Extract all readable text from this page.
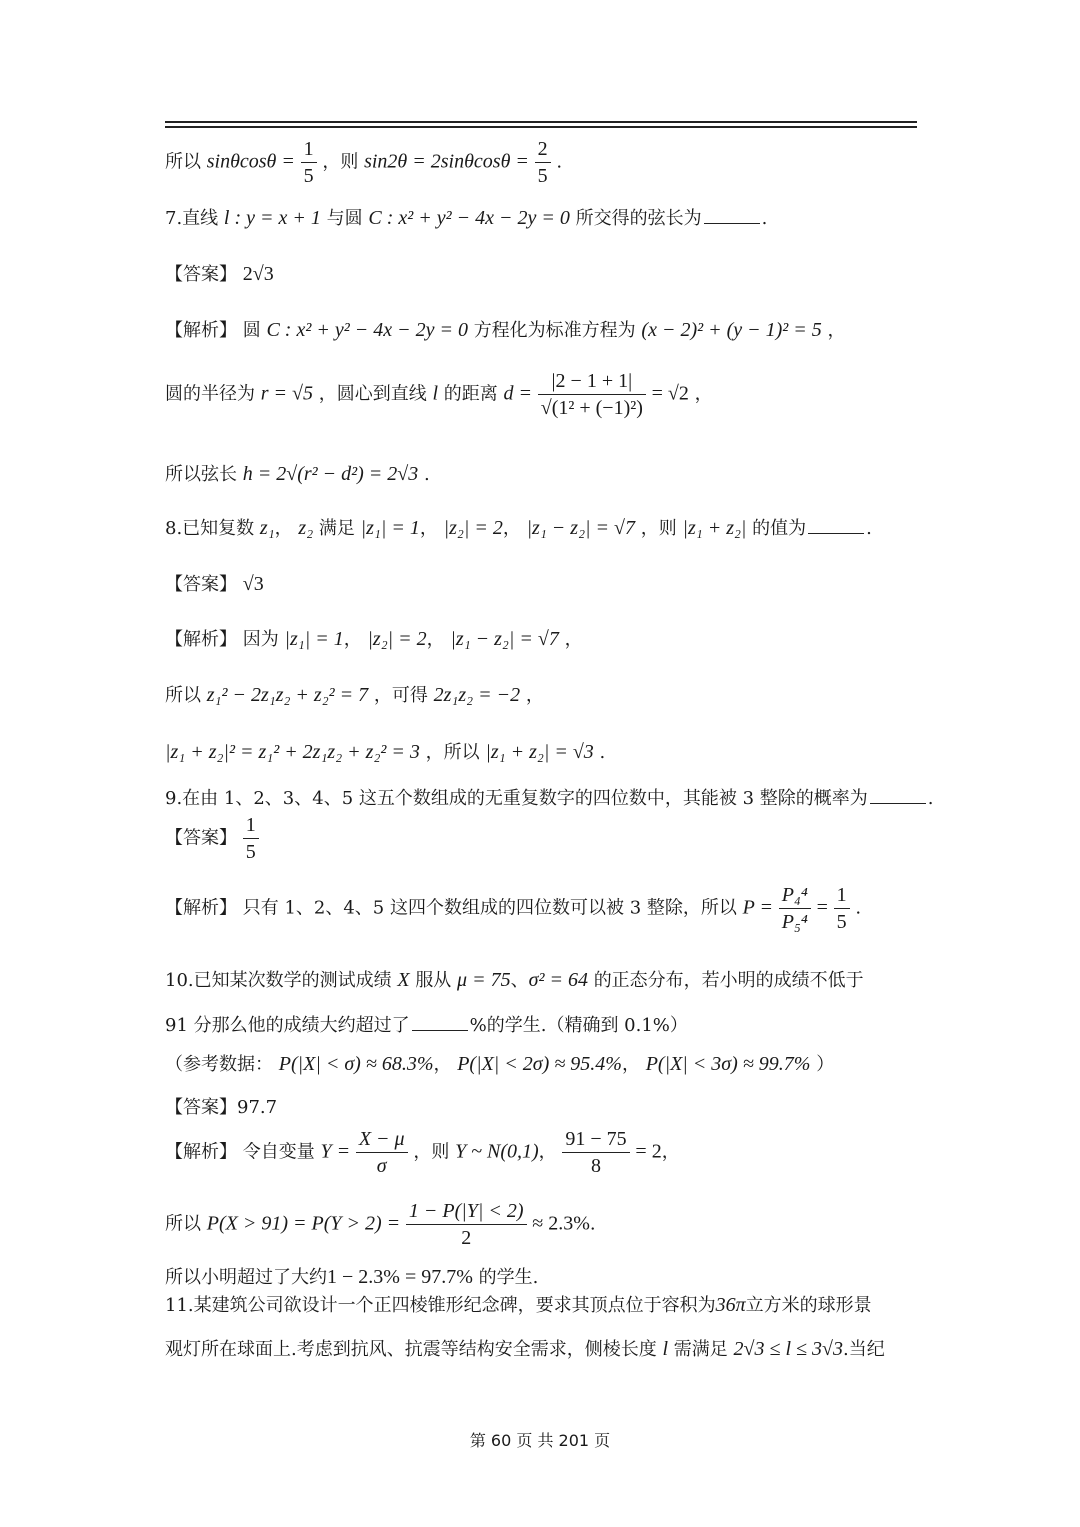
所以 $\sin\theta\cos\theta = \frac{1}{5}$ ，则 $\sin 2\theta = 2\sin\theta\cos\theta = \frac{2}{5}$ .
7.直线 l : y = x + 1 与圆 C : x² + y² − 4x − 2y = 0 所交得的弦长为	.
【答案】 2√3
【解析】 圆 C : x² + y² − 4x − 2y = 0 方程化为标准方程为 (x − 2)² + (y − 1)² = 5 ，
圆的半径为 r = √5 ，圆心到直线 l 的距离 $d = \frac{|2 - 1 + 1|}{\text{√(1² + (−1)²)}} = √2$ ，
所以弦长 h = 2√(r² − d²) = 2√3 .
8.已知复数 z₁， z₂ 满足 |z₁| = 1， |z₂| = 2， |z₁ − z₂| = √7 ，则 |z₁ + z₂| 的值为	.
【答案】 √3
【解析】 因为 |z₁| = 1， |z₂| = 2， |z₁ − z₂| = √7 ，
所以 z₁² − 2z₁z₂ + z₂² = 7 ，可得 2z₁z₂ = −2 ，
|z₁ + z₂|² = z₁² + 2z₁z₂ + z₂² = 3 ，所以 |z₁ + z₂| = √3 .
9.在由 1、2、3、4、5 这五个数组成的无重复数字的四位数中，其能被 3 整除的概率为	.
【答案】 $\frac{1}{5}$
【解析】 只有 1、2、4、5 这四个数组成的四位数可以被 3 整除，所以 $P = \frac{\text{P₄⁴}}{\text{P₅⁴}} = \frac{1}{5}$ .
10.已知某次数学的测试成绩 X 服从 μ = 75、σ² = 64 的正态分布，若小明的成绩不低于
91 分那么他的成绩大约超过了	%的学生.（精确到 0.1%）
（参考数据： P(|X| < σ) ≈ 68.3%， P(|X| < 2σ) ≈ 95.4%， P(|X| < 3σ) ≈ 99.7% ）
【答案】97.7
【解析】 令自变量 $Y = \frac{X - \mu}{\sigma}$ ，则 Y ~ N(0,1)， $\frac{91 - 75}{8} = 2$，
所以 $P(X > 91) = P(Y > 2) = \frac{1 - P(|Y| < 2)}{2} \approx 2.3\%$.
所以小明超过了大约1 − 2.3% = 97.7% 的学生.
11.某建筑公司欲设计一个正四棱锥形纪念碑，要求其顶点位于容积为36π立方米的球形景
观灯所在球面上.考虑到抗风、抗震等结构安全需求，侧棱长度 l 需满足 2√3 ≤ l ≤ 3√3.当纪
第 60 页 共 201 页
